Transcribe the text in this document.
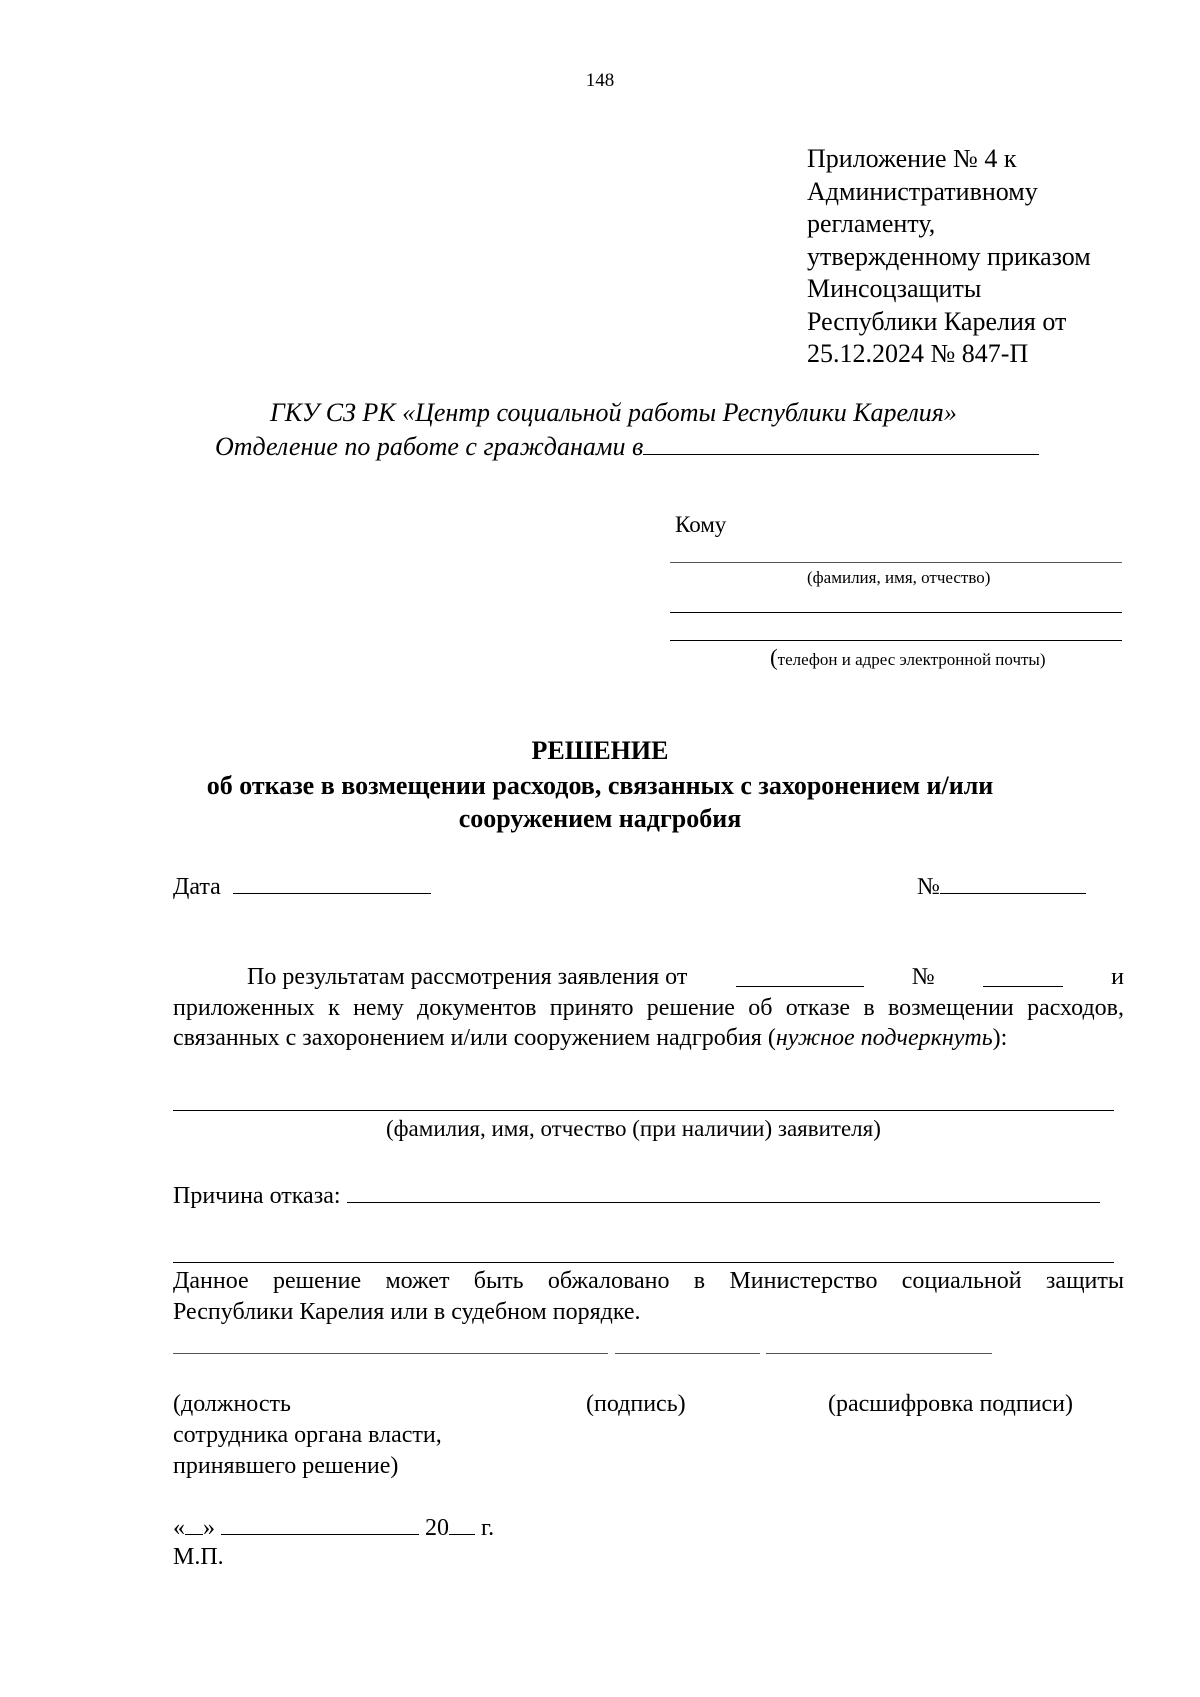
148
Приложение № 4 к
Административному
регламенту,
утвержденному приказом
Минсоцзащиты
Республики Карелия от
25.12.2024 № 847-П
ГКУ СЗ РК «Центр социальной работы Республики Карелия»
Отделение по работе с гражданами в
Кому
(фамилия, имя, отчество)
(телефон и адрес электронной почты)
РЕШЕНИЕ
об отказе в возмещении расходов, связанных с захоронением и/или сооружением надгробия
Дата	№
По результатам рассмотрения заявления от	№	и
приложенных к нему документов принято решение об отказе в возмещении расходов, связанных с захоронением и/или сооружением надгробия (нужное подчеркнуть):
(фамилия, имя, отчество (при наличии) заявителя)
Причина отказа:
Данное решение может быть обжаловано в Министерство социальной защиты
Республики Карелия или в судебном порядке.
(должность
сотрудника органа власти,
принявшего решение)
(подпись)	(расшифровка подписи)
« »	20 г.
М.П.
